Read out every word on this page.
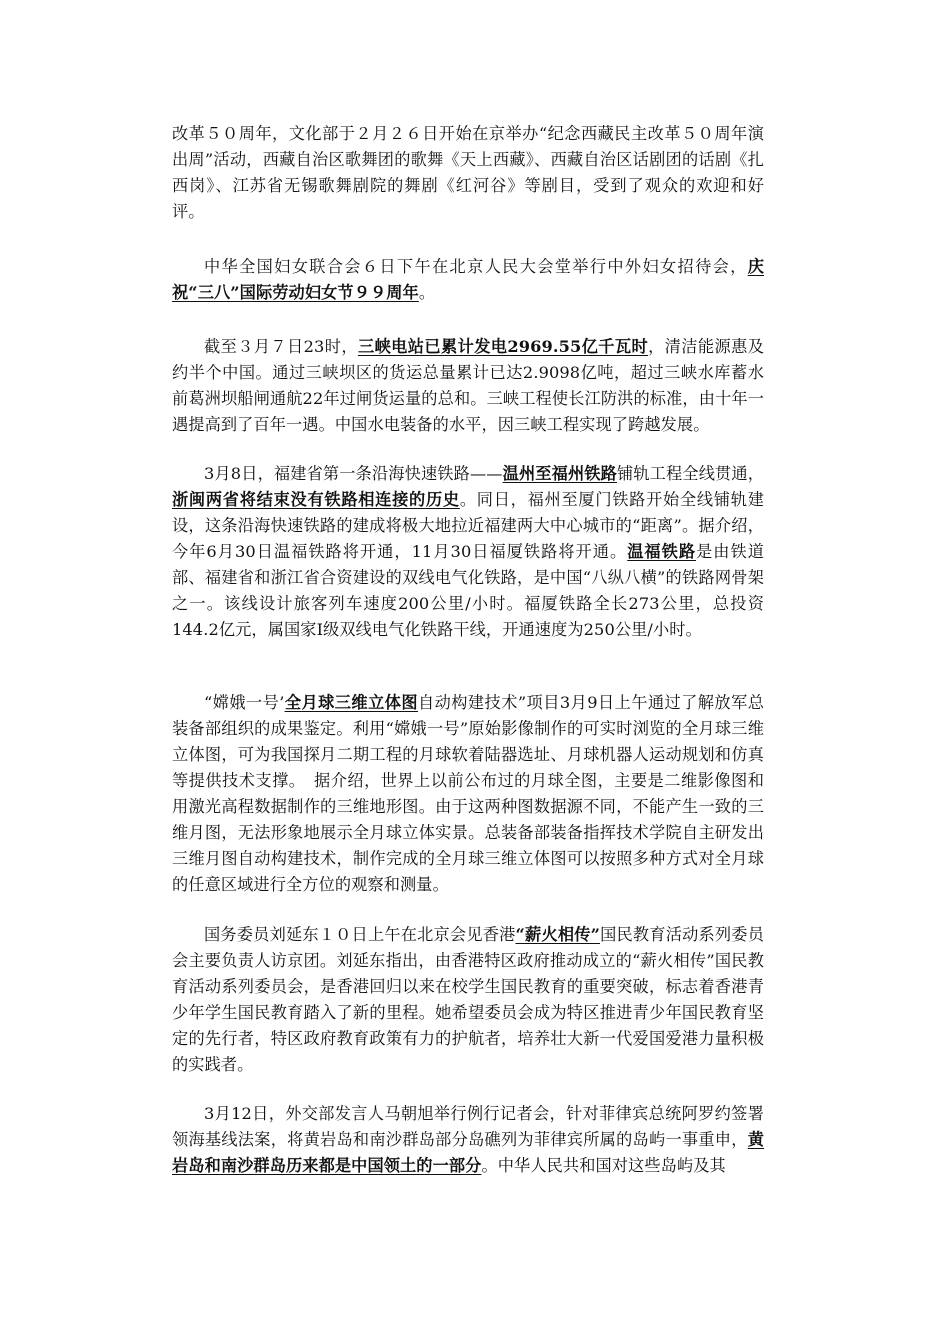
改革５０周年，文化部于２月２６日开始在京举办“纪念西藏民主改革５０周年演出周”活动，西藏自治区歌舞团的歌舞《天上西藏》、西藏自治区话剧团的话剧《扎西岗》、江苏省无锡歌舞剧院的舞剧《红河谷》等剧目，受到了观众的欢迎和好评。

中华全国妇女联合会６日下午在北京人民大会堂举行中外妇女招待会，庆祝“三八”国际劳动妇女节９９周年。

截至３月７日23时，三峡电站已累计发电2969.55亿千瓦时，清洁能源惠及约半个中国。通过三峡坝区的货运总量累计已达2.9098亿吨，超过三峡水库蓄水前葛洲坝船闸通航22年过闸货运量的总和。三峡工程使长江防洪的标准，由十年一遇提高到了百年一遇。中国水电装备的水平，因三峡工程实现了跨越发展。

3月8日，福建省第一条沿海快速铁路——温州至福州铁路铺轨工程全线贯通，浙闽两省将结束没有铁路相连接的历史。同日，福州至厦门铁路开始全线铺轨建设，这条沿海快速铁路的建成将极大地拉近福建两大中心城市的“距离”。据介绍，今年6月30日温福铁路将开通，11月30日福厦铁路将开通。温福铁路是由铁道部、福建省和浙江省合资建设的双线电气化铁路，是中国“八纵八横”的铁路网骨架之一。该线设计旅客列车速度200公里/小时。福厦铁路全长273公里，总投资144.2亿元，属国家Ⅰ级双线电气化铁路干线，开通速度为250公里/小时。

“嫦娥一号’全月球三维立体图自动构建技术”项目3月9日上午通过了解放军总装备部组织的成果鉴定。利用“嫦娥一号”原始影像制作的可实时浏览的全月球三维立体图，可为我国探月二期工程的月球软着陆器选址、月球机器人运动规划和仿真等提供技术支撑。　据介绍，世界上以前公布过的月球全图，主要是二维影像图和用激光高程数据制作的三维地形图。由于这两种图数据源不同，不能产生一致的三维月图，无法形象地展示全月球立体实景。总装备部装备指挥技术学院自主研发出三维月图自动构建技术，制作完成的全月球三维立体图可以按照多种方式对全月球的任意区域进行全方位的观察和测量。

国务委员刘延东１０日上午在北京会见香港“薪火相传”国民教育活动系列委员会主要负责人访京团。刘延东指出，由香港特区政府推动成立的“薪火相传”国民教育活动系列委员会，是香港回归以来在校学生国民教育的重要突破，标志着香港青少年学生国民教育踏入了新的里程。她希望委员会成为特区推进青少年国民教育坚定的先行者，特区政府教育政策有力的护航者，培养壮大新一代爱国爱港力量积极的实践者。

3月12日，外交部发言人马朝旭举行例行记者会，针对菲律宾总统阿罗约签署领海基线法案，将黄岩岛和南沙群岛部分岛礁列为菲律宾所属的岛屿一事重申，黄岩岛和南沙群岛历来都是中国领土的一部分。中华人民共和国对这些岛屿及其
